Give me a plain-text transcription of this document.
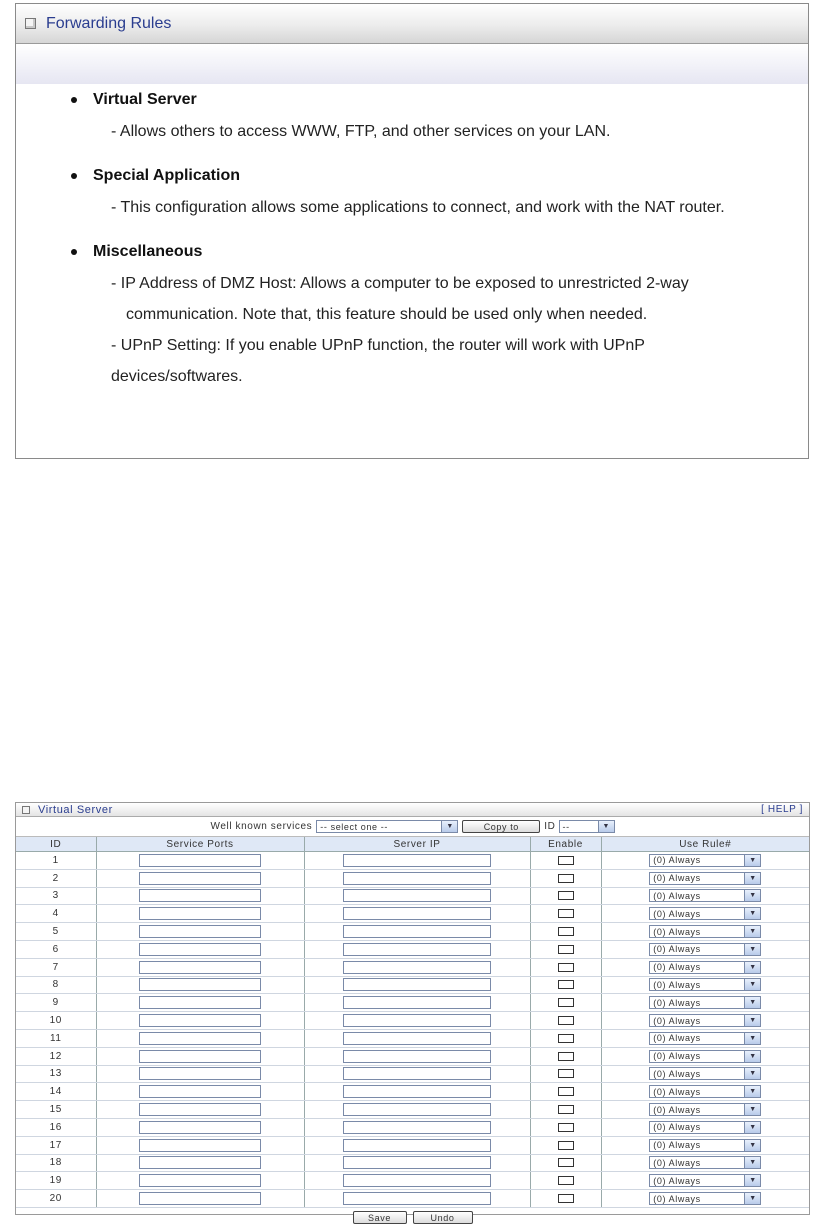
Forwarding Rules
Virtual Server
- Allows others to access WWW, FTP, and other services on your LAN.
Special Application
- This configuration allows some applications to connect, and work with the NAT router.
Miscellaneous
- IP Address of DMZ Host: Allows a computer to be exposed to unrestricted 2-way
communication. Note that, this feature should be used only when needed.
- UPnP Setting: If you enable UPnP function, the router will work with UPnP
devices/softwares.
Virtual Server	[ HELP ]
Well known services -- select one --	▼	Copy to	ID --	▼
ID	Service Ports	Server IP	Enable	Use Rule#
1				(0) Always ▼

2				(0) Always ▼

3				(0) Always ▼

4				(0) Always ▼

5				(0) Always ▼

6				(0) Always ▼

7				(0) Always ▼

8				(0) Always ▼

9				(0) Always ▼

10				(0) Always ▼

11				(0) Always ▼

12				(0) Always ▼

13				(0) Always ▼

14				(0) Always ▼

15				(0) Always ▼

16				(0) Always ▼

17				(0) Always ▼

18				(0) Always ▼

19				(0) Always ▼

20				(0) Always ▼
Save	Undo
